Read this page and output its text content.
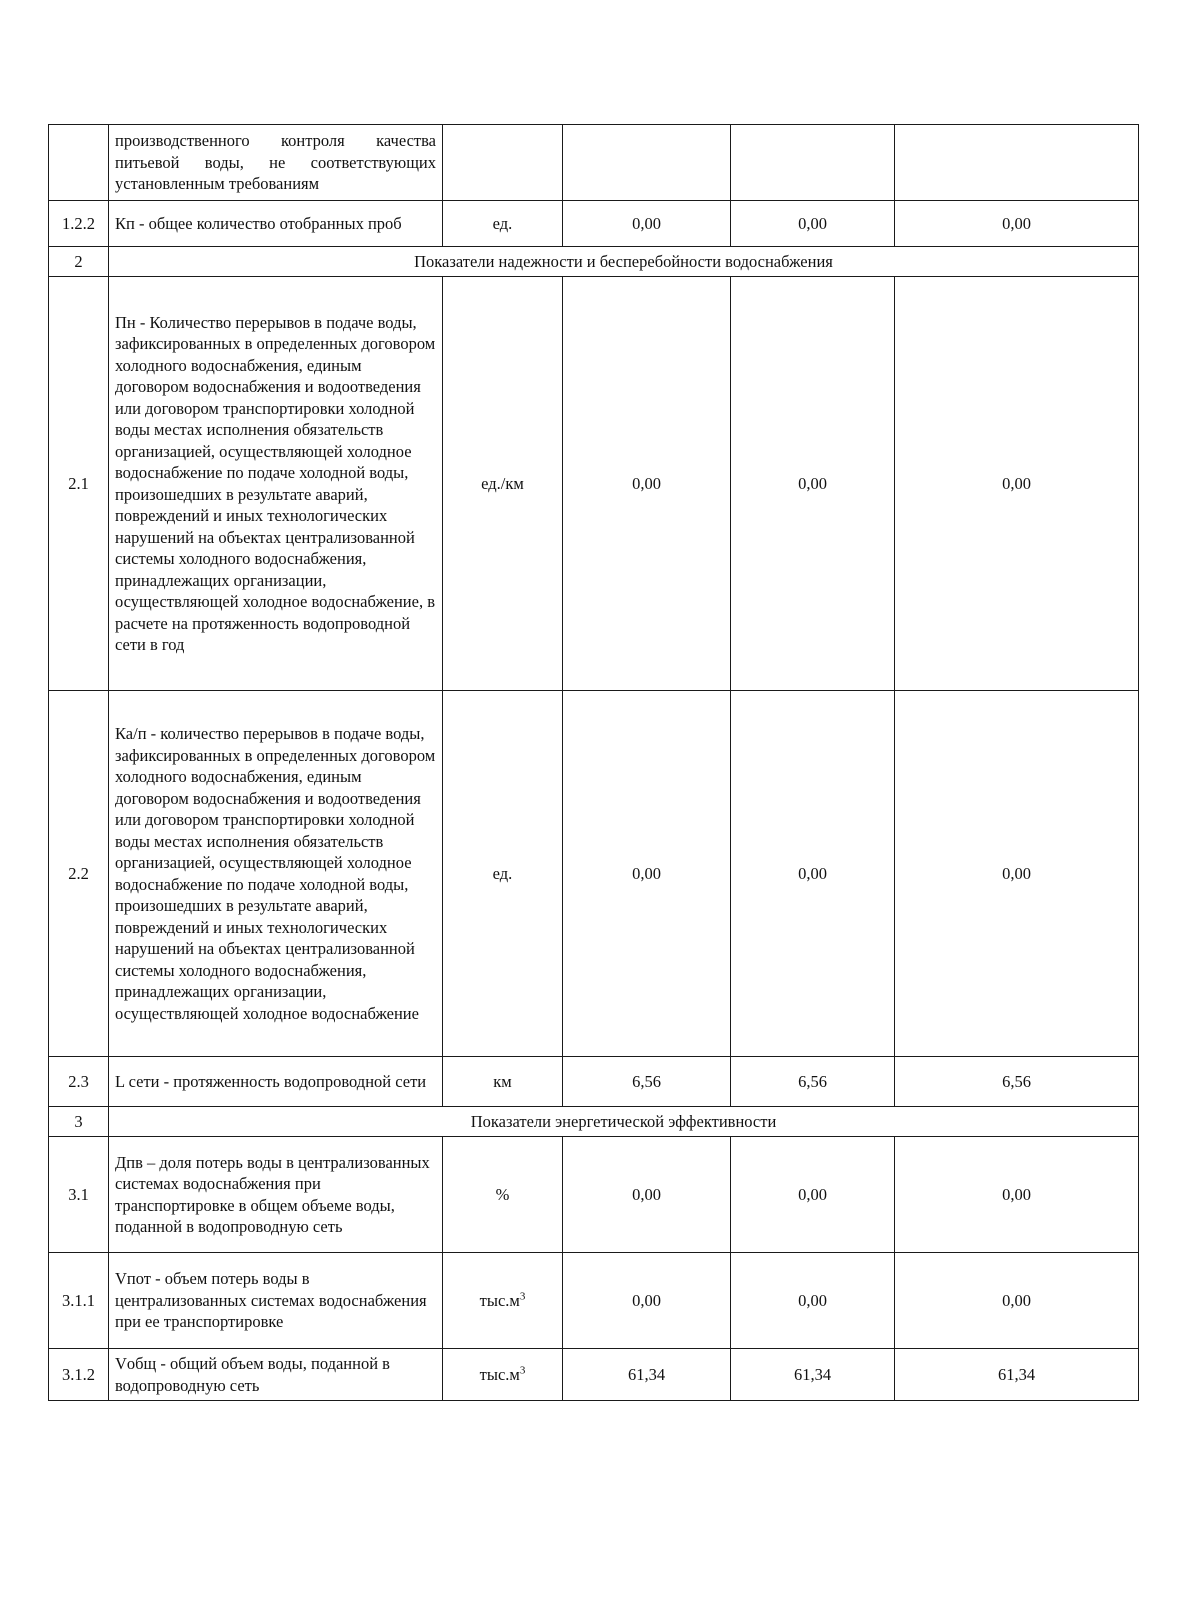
	производственного контроля качества питьевой воды, не соответствующих установленным требованиям				
1.2.2	Кп - общее количество отобранных проб	ед.	0,00	0,00	0,00
2	Показатели надежности и бесперебойности водоснабжения				
2.1	Пн - Количество перерывов в подаче воды, зафиксированных в определенных договором холодного водоснабжения, единым договором водоснабжения и водоотведения или договором транспортировки холодной воды местах исполнения обязательств организацией, осуществляющей холодное водоснабжение по подаче холодной воды, произошедших в результате аварий, повреждений и иных технологических нарушений на объектах централизованной системы холодного водоснабжения, принадлежащих организации, осуществляющей холодное водоснабжение, в расчете на протяженность водопроводной сети в год	ед./км	0,00	0,00	0,00
2.2	Ка/п - количество перерывов в подаче воды, зафиксированных в определенных договором холодного водоснабжения, единым договором водоснабжения и водоотведения или договором транспортировки холодной воды местах исполнения обязательств организацией, осуществляющей холодное водоснабжение по подаче холодной воды, произошедших в результате аварий, повреждений и иных технологических нарушений на объектах централизованной системы холодного водоснабжения, принадлежащих организации, осуществляющей холодное водоснабжение	ед.	0,00	0,00	0,00
2.3	L сети - протяженность водопроводной сети	км	6,56	6,56	6,56
3	Показатели энергетической эффективности				
3.1	Дпв – доля потерь воды в централизованных системах водоснабжения при транспортировке в общем объеме воды, поданной в водопроводную сеть	%	0,00	0,00	0,00
3.1.1	Vпот - объем потерь воды в централизованных системах водоснабжения при ее транспортировке	$тыс.м^3$	0,00	0,00	0,00
3.1.2	Vобщ - общий объем воды, поданной в водопроводную сеть	$тыс.м^3$	61,34	61,34	61,34
